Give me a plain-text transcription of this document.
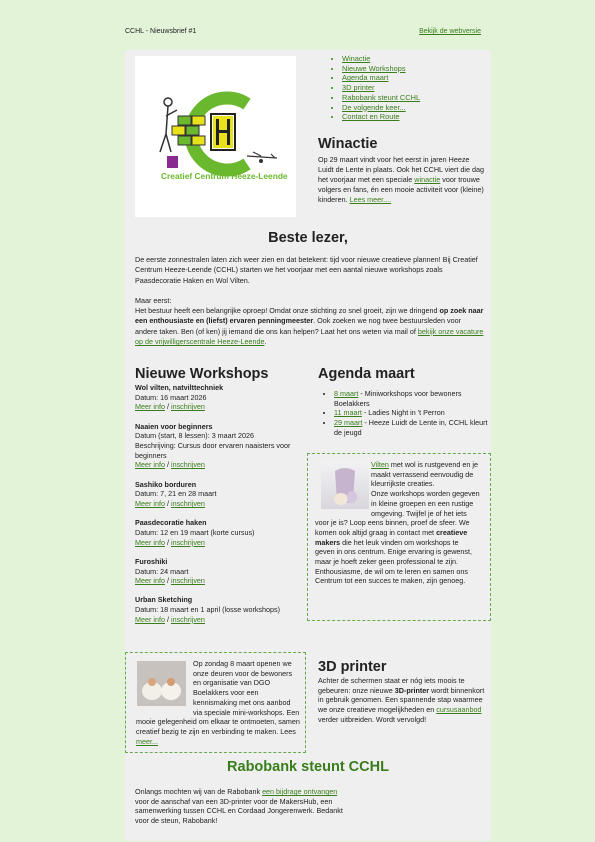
CCHL - Nieuwsbrief #1	Bekijk de webversie
Creatief Centrum Heeze-Leende
• Winactie
• Nieuwe Workshops
• Agenda maart
• 3D printer
• Rabobank steunt CCHL
• De volgende keer...
• Contact en Route
Winactie
Op 29 maart vindt voor het eerst in jaren Heeze Luidt de Lente in plaats. Ook het CCHL viert die dag het voorjaar met een speciale winactie voor trouwe volgers en fans, én een mooie activiteit voor (kleine) kinderen. Lees meer....
Beste lezer,

De eerste zonnestralen laten zich weer zien en dat betekent: tijd voor nieuwe creatieve plannen! Bij Creatief Centrum Heeze-Leende (CCHL) starten we het voorjaar met een aantal nieuwe workshops zoals Paasdecoratie Haken en Wol Vilten.

Maar eerst:
Het bestuur heeft een belangrijke oproep! Omdat onze stichting zo snel groeit, zijn we dringend op zoek naar een enthousiaste en (liefst) ervaren penningmeester. Ook zoeken we nog twee bestuursleden voor andere taken. Ben (of ken) jij iemand die ons kan helpen? Laat het ons weten via mail of bekijk onze vacature op de vrijwilligerscentrale Heeze-Leende.

Nieuwe Workshops
Wol vilten, natvilttechniek
Datum: 16 maart 2026
Meer info / inschrijven
Naaien voor beginners
Datum (start, 8 lessen): 3 maart 2026
Beschrijving: Cursus door ervaren naaisters voor beginners
Meer info / inschrijven
Sashiko borduren
Datum: 7, 21 en 28 maart
Meer info / inschrijven
Paasdecoratie haken
Datum: 12 en 19 maart (korte cursus)
Meer info / inschrijven
Furoshiki
Datum: 24 maart
Meer info / inschrijven
Urban Sketching
Datum: 18 maart en 1 april (losse workshops)
Meer info / inschrijven
Agenda maart
• 8 maart - Miniworkshops voor bewoners Boelakkers
• 11 maart - Ladies Night in 't Perron
• 29 maart - Heeze Luidt de Lente in, CCHL kleurt de jeugd
Vilten met wol is rustgevend en je maakt verrassend eenvoudig de kleurrijkste creaties.
Onze workshops worden gegeven in kleine groepen en een rustige omgeving. Twijfel je of het iets voor je is? Loop eens binnen, proef de sfeer. We komen ook altijd graag in contact met creatieve makers die het leuk vinden om workshops te geven in ons centrum. Enige ervaring is gewenst, maar je hoeft zeker geen professional te zijn. Enthousiasme, de wil om te leren en samen ons Centrum tot een succes te maken, zijn genoeg.
Op zondag 8 maart openen we onze deuren voor de bewoners en organisatie van DGO Boelakkers voor een kennismaking met ons aanbod via speciale mini-workshops. Een mooie gelegenheid om elkaar te ontmoeten, samen creatief bezig te zijn en verbinding te maken. Lees meer...
3D printer
Achter de schermen staat er nóg iets moois te gebeuren: onze nieuwe 3D-printer wordt binnenkort in gebruik genomen. Een spannende stap waarmee we onze creatieve mogelijkheden en cursusaanbod verder uitbreiden. Wordt vervolgd!
Rabobank steunt CCHL
Onlangs mochten wij van de Rabobank een bijdrage ontvangen voor de aanschaf van een 3D-printer voor de MakersHub, een samenwerking tussen CCHL en Cordaad Jongerenwerk. Bedankt voor de steun, Rabobank!
